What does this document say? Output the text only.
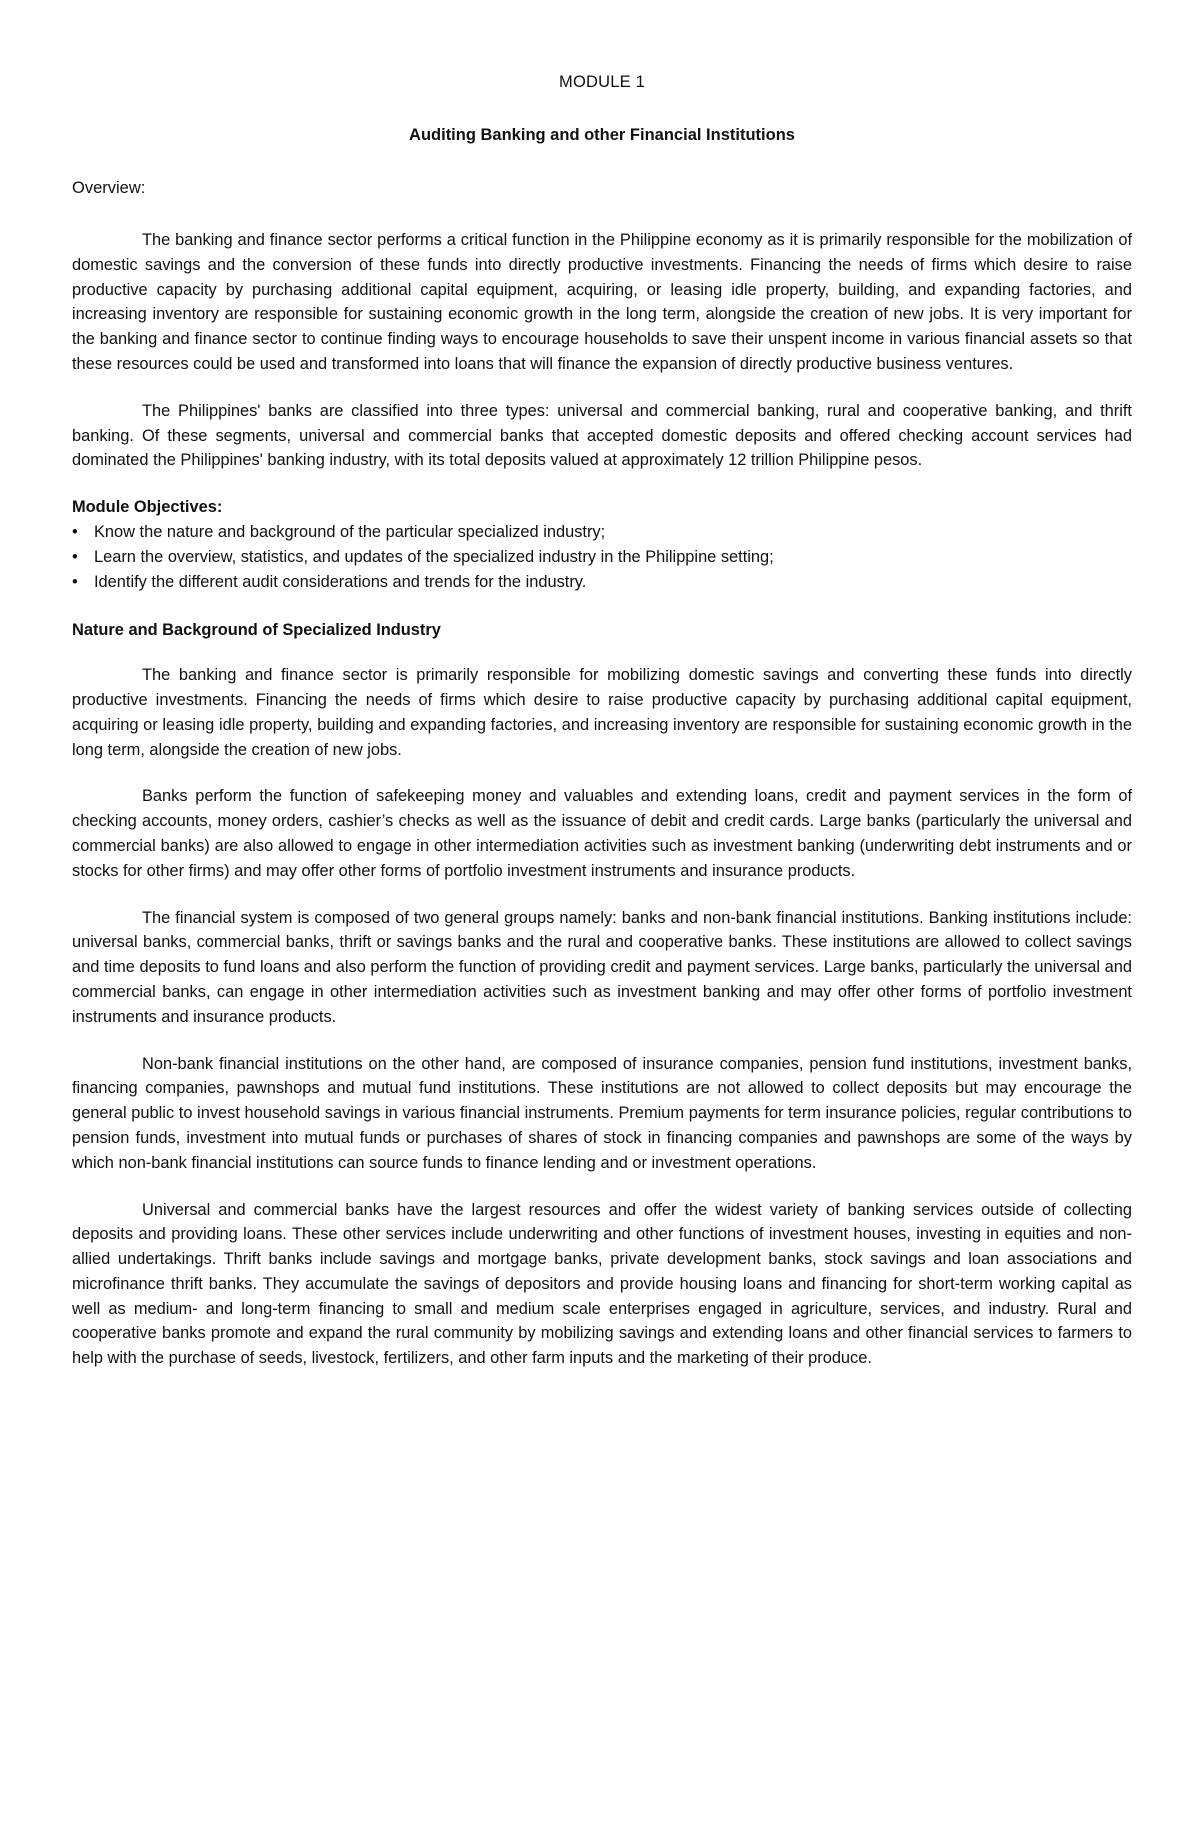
MODULE 1
Auditing Banking and other Financial Institutions
Overview:

The banking and finance sector performs a critical function in the Philippine economy as it is primarily responsible for the mobilization of domestic savings and the conversion of these funds into directly productive investments. Financing the needs of firms which desire to raise productive capacity by purchasing additional capital equipment, acquiring, or leasing idle property, building, and expanding factories, and increasing inventory are responsible for sustaining economic growth in the long term, alongside the creation of new jobs. It is very important for the banking and finance sector to continue finding ways to encourage households to save their unspent income in various financial assets so that these resources could be used and transformed into loans that will finance the expansion of directly productive business ventures.

The Philippines' banks are classified into three types: universal and commercial banking, rural and cooperative banking, and thrift banking. Of these segments, universal and commercial banks that accepted domestic deposits and offered checking account services had dominated the Philippines' banking industry, with its total deposits valued at approximately 12 trillion Philippine pesos.

Module Objectives:
• Know the nature and background of the particular specialized industry;
• Learn the overview, statistics, and updates of the specialized industry in the Philippine setting;
• Identify the different audit considerations and trends for the industry.
Nature and Background of Specialized Industry

The banking and finance sector is primarily responsible for mobilizing domestic savings and converting these funds into directly productive investments. Financing the needs of firms which desire to raise productive capacity by purchasing additional capital equipment, acquiring or leasing idle property, building and expanding factories, and increasing inventory are responsible for sustaining economic growth in the long term, alongside the creation of new jobs.

Banks perform the function of safekeeping money and valuables and extending loans, credit and payment services in the form of checking accounts, money orders, cashier’s checks as well as the issuance of debit and credit cards. Large banks (particularly the universal and commercial banks) are also allowed to engage in other intermediation activities such as investment banking (underwriting debt instruments and or stocks for other firms) and may offer other forms of portfolio investment instruments and insurance products.

The financial system is composed of two general groups namely: banks and non-bank financial institutions. Banking institutions include: universal banks, commercial banks, thrift or savings banks and the rural and cooperative banks. These institutions are allowed to collect savings and time deposits to fund loans and also perform the function of providing credit and payment services. Large banks, particularly the universal and commercial banks, can engage in other intermediation activities such as investment banking and may offer other forms of portfolio investment instruments and insurance products.

Non-bank financial institutions on the other hand, are composed of insurance companies, pension fund institutions, investment banks, financing companies, pawnshops and mutual fund institutions. These institutions are not allowed to collect deposits but may encourage the general public to invest household savings in various financial instruments. Premium payments for term insurance policies, regular contributions to pension funds, investment into mutual funds or purchases of shares of stock in financing companies and pawnshops are some of the ways by which non-bank financial institutions can source funds to finance lending and or investment operations.

Universal and commercial banks have the largest resources and offer the widest variety of banking services outside of collecting deposits and providing loans. These other services include underwriting and other functions of investment houses, investing in equities and non-allied undertakings. Thrift banks include savings and mortgage banks, private development banks, stock savings and loan associations and microfinance thrift banks. They accumulate the savings of depositors and provide housing loans and financing for short-term working capital as well as medium- and long-term financing to small and medium scale enterprises engaged in agriculture, services, and industry. Rural and cooperative banks promote and expand the rural community by mobilizing savings and extending loans and other financial services to farmers to help with the purchase of seeds, livestock, fertilizers, and other farm inputs and the marketing of their produce.
